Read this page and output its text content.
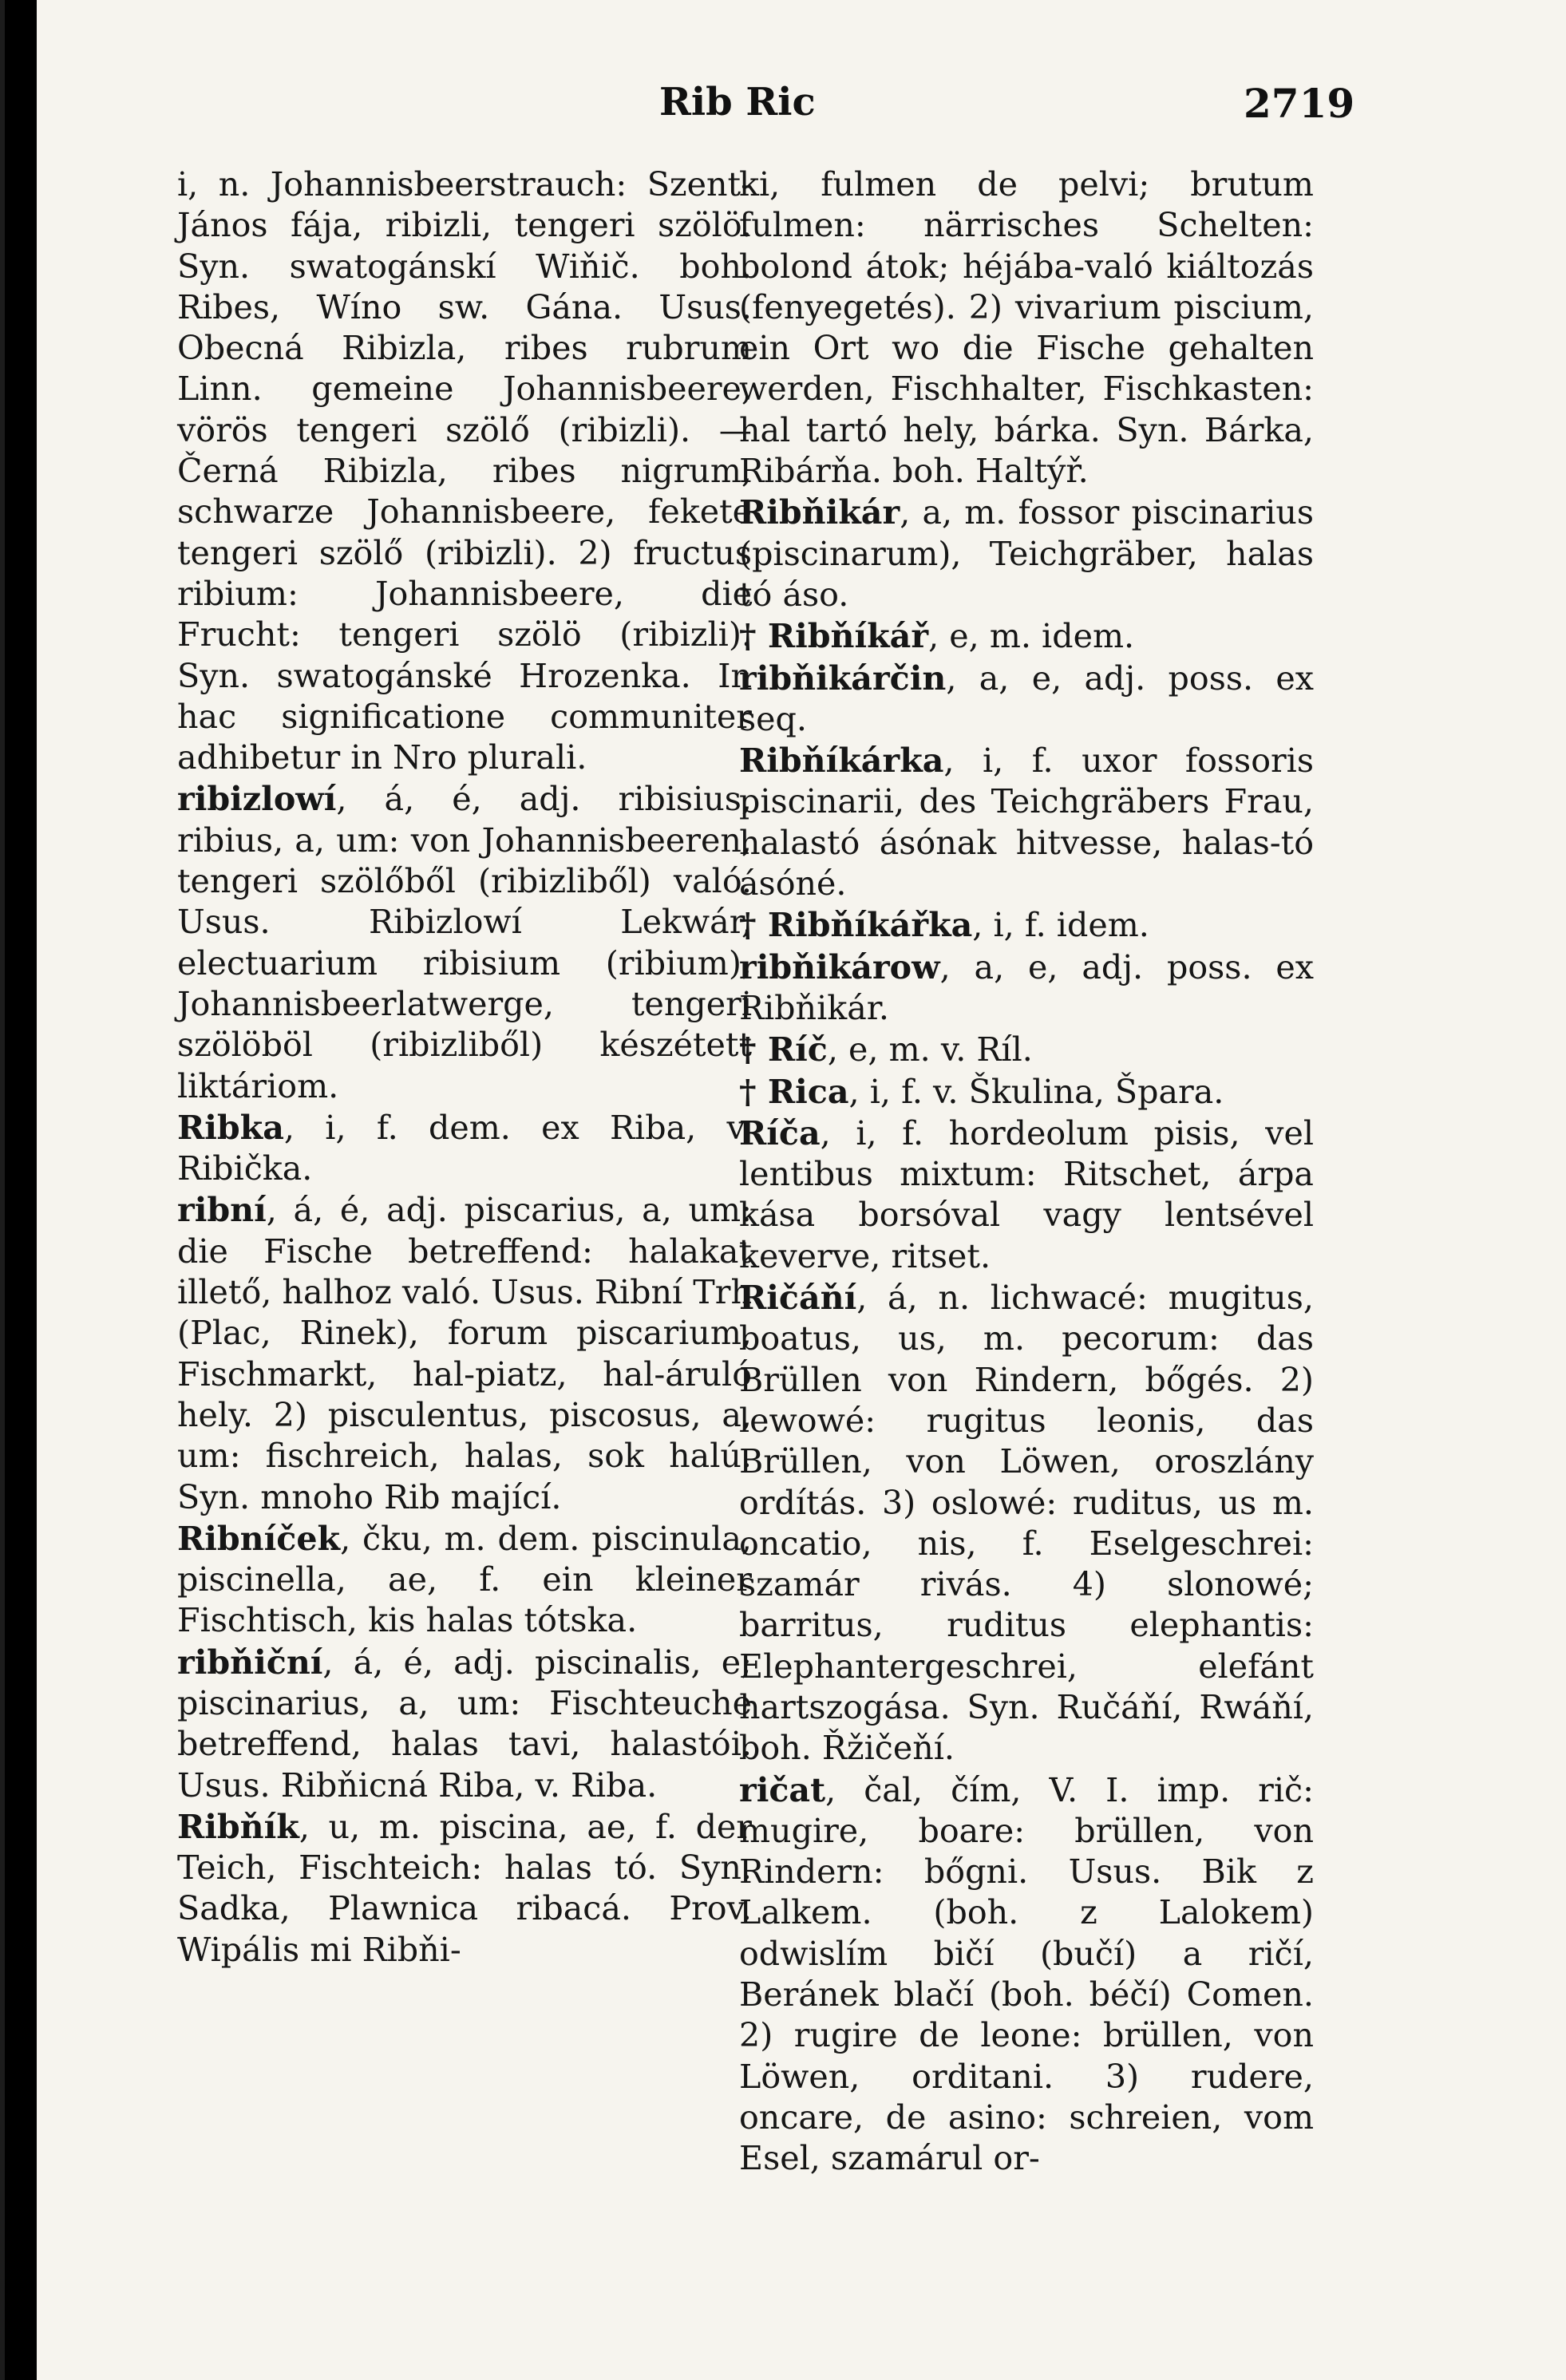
Rib Ric	2719

i, n. Johannisbeerstrauch: Szent-János fája, ribizli, tengeri szölö. Syn. swatogánskí Wiňič. boh. Ribes, Wíno sw. Gána. Usus. Obecná Ribizla, ribes rubrum Linn. gemeine Johannisbeere, vörös tengeri szölő (ribizli). — Černá Ribizla, ribes nigrum, schwarze Johannisbeere, fekete tengeri szölő (ribizli). 2) fructus ribium: Johannisbeere, die Frucht: tengeri szölö (ribizli). Syn. swatogánské Hrozenka. In hac significatione communiter adhibetur in Nro plurali.

ribizlowí, á, é, adj. ribisius, ribius, a, um: von Johannisbeeren, tengeri szölőből (ribizliből) való. Usus. Ribizlowí Lekwár, electuarium ribisium (ribium), Johannisbeerlatwerge, tengeri szölöböl (ribizliből) készétett liktáriom.

Ribka, i, f. dem. ex Riba, v. Ribička.

ribní, á, é, adj. piscarius, a, um: die Fische betreffend: halakat illető, halhoz való. Usus. Ribní Trh (Plac, Rinek), forum piscarium, Fischmarkt, hal-piatz, hal-áruló hely. 2) pisculentus, piscosus, a, um: fischreich, halas, sok halú. Syn. mnoho Rib mající.

Ribníček, čku, m. dem. piscinula, piscinella, ae, f. ein kleiner Fischtisch, kis halas tótska.

ribňiční, á, é, adj. piscinalis, e; piscinarius, a, um: Fischteuche betreffend, halas tavi, halastói. Usus. Ribňicná Riba, v. Riba.

Ribňík, u, m. piscina, ae, f. der Teich, Fischteich: halas tó. Syn. Sadka, Plawnica ribacá. Prov. Wipális mi Ribňi-

ki, fulmen de pelvi; brutum fulmen: närrisches Schelten: bolond átok; héjába-való kiáltozás (fenyegetés). 2) vivarium piscium, ein Ort wo die Fische gehalten werden, Fischhalter, Fischkasten: hal tartó hely, bárka. Syn. Bárka, Ribárňa. boh. Haltýř.

Ribňikár, a, m. fossor piscinarius (piscinarum), Teichgräber, halas tó áso.

† Ribňíkář, e, m. idem.

ribňikárčin, a, e, adj. poss. ex seq.

Ribňíkárka, i, f. uxor fossoris piscinarii, des Teichgräbers Frau, halastó ásónak hitvesse, halas-tó ásóné.

† Ribňíkářka, i, f. idem.

ribňikárow, a, e, adj. poss. ex Ribňikár.

† Ríč, e, m. v. Ríl.

† Rica, i, f. v. Škulina, Špara.

Ríča, i, f. hordeolum pisis, vel lentibus mixtum: Ritschet, árpa kása borsóval vagy lentsével keverve, ritset.

Ričáňí, á, n. lichwacé: mugitus, boatus, us, m. pecorum: das Brüllen von Rindern, bőgés. 2) lewowé: rugitus leonis, das Brüllen, von Löwen, oroszlány ordítás. 3) oslowé: ruditus, us m. oncatio, nis, f. Eselgeschrei: szamár rivás. 4) slonowé; barritus, ruditus elephantis: Elephantergeschrei, elefánt hartszogása. Syn. Ručáňí, Rwáňí, boh. Řžičeňí.

ričat, čal, čím, V. I. imp. rič: mugire, boare: brüllen, von Rindern: bőgni. Usus. Bik z Lalkem. (boh. z Lalokem) odwislím bičí (bučí) a ričí, Beránek blačí (boh. béčí) Comen. 2) rugire de leone: brüllen, von Löwen, orditani. 3) rudere, oncare, de asino: schreien, vom Esel, szamárul or-
